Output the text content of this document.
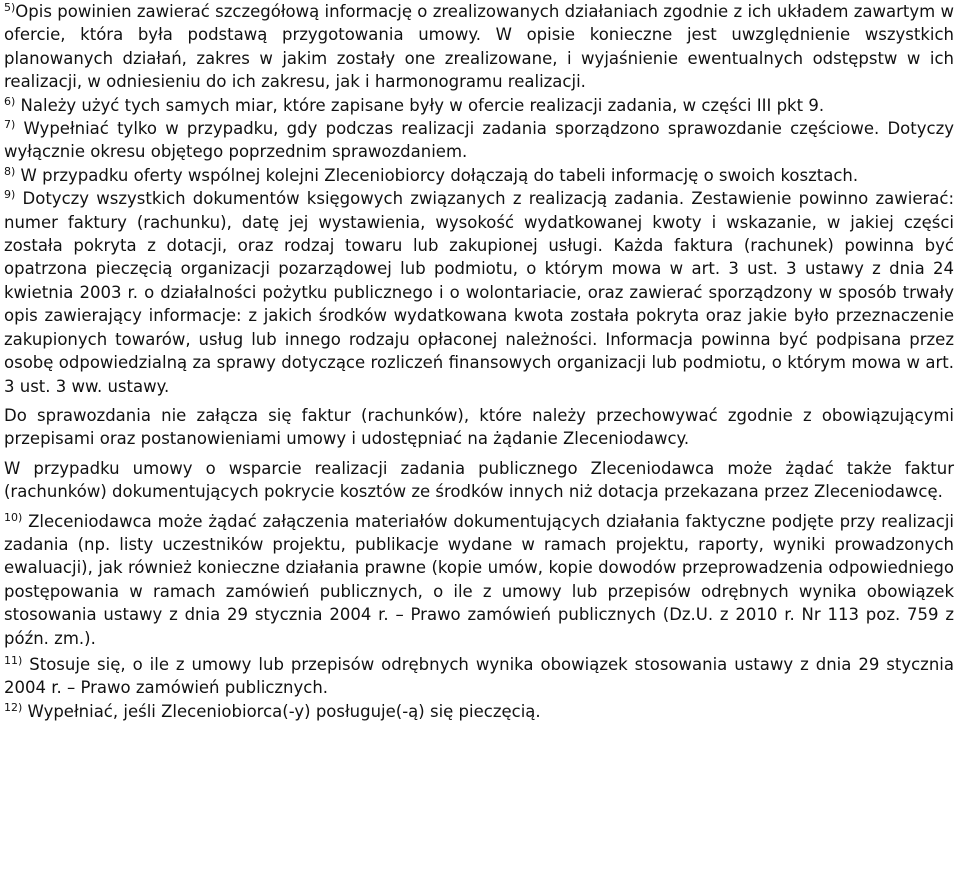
$^{5)}$Opis powinien zawierać szczegółową informację o zrealizowanych działaniach zgodnie z ich układem zawartym w ofercie, która była podstawą przygotowania umowy. W opisie konieczne jest uwzględnienie wszystkich planowanych działań, zakres w jakim zostały one zrealizowane, i wyjaśnienie ewentualnych odstępstw w ich realizacji, w odniesieniu do ich zakresu, jak i harmonogramu realizacji.

$^{6)}$ Należy użyć tych samych miar, które zapisane były w ofercie realizacji zadania, w części III pkt 9.

$^{7)}$ Wypełniać tylko w przypadku, gdy podczas realizacji zadania sporządzono sprawozdanie częściowe. Dotyczy wyłącznie okresu objętego poprzednim sprawozdaniem.

$^{8)}$ W przypadku oferty wspólnej kolejni Zleceniobiorcy dołączają do tabeli informację o swoich kosztach.

$^{9)}$ Dotyczy wszystkich dokumentów księgowych związanych z realizacją zadania. Zestawienie powinno zawierać: numer faktury (rachunku), datę jej wystawienia, wysokość wydatkowanej kwoty i wskazanie, w jakiej części została pokryta z dotacji, oraz rodzaj towaru lub zakupionej usługi. Każda faktura (rachunek) powinna być opatrzona pieczęcią organizacji pozarządowej lub podmiotu, o którym mowa w art. 3 ust. 3 ustawy z dnia 24 kwietnia 2003 r. o działalności pożytku publicznego i o wolontariacie, oraz zawierać sporządzony w sposób trwały opis zawierający informacje: z jakich środków wydatkowana kwota została pokryta oraz jakie było przeznaczenie zakupionych towarów, usług lub innego rodzaju opłaconej należności. Informacja powinna być podpisana przez osobę odpowiedzialną za sprawy dotyczące rozliczeń finansowych organizacji lub podmiotu, o którym mowa w art. 3 ust. 3 ww. ustawy.

Do sprawozdania nie załącza się faktur (rachunków), które należy przechowywać zgodnie z obowiązującymi przepisami oraz postanowieniami umowy i udostępniać na żądanie Zleceniodawcy.

W przypadku umowy o wsparcie realizacji zadania publicznego Zleceniodawca może żądać także faktur (rachunków) dokumentujących pokrycie kosztów ze środków innych niż dotacja przekazana przez Zleceniodawcę.

$^{10)}$ Zleceniodawca może żądać załączenia materiałów dokumentujących działania faktyczne podjęte przy realizacji zadania (np. listy uczestników projektu, publikacje wydane w ramach projektu, raporty, wyniki prowadzonych ewaluacji), jak również konieczne działania prawne (kopie umów, kopie dowodów przeprowadzenia odpowiedniego postępowania w ramach zamówień publicznych, o ile z umowy lub przepisów odrębnych wynika obowiązek stosowania ustawy z dnia 29 stycznia 2004 r. – Prawo zamówień publicznych (Dz.U. z 2010 r. Nr 113 poz. 759 z późn. zm.).

$^{11)}$ Stosuje się, o ile z umowy lub przepisów odrębnych wynika obowiązek stosowania ustawy z dnia 29 stycznia 2004 r. – Prawo zamówień publicznych.

$^{12)}$ Wypełniać, jeśli Zleceniobiorca(-y) posługuje(-ą) się pieczęcią.
